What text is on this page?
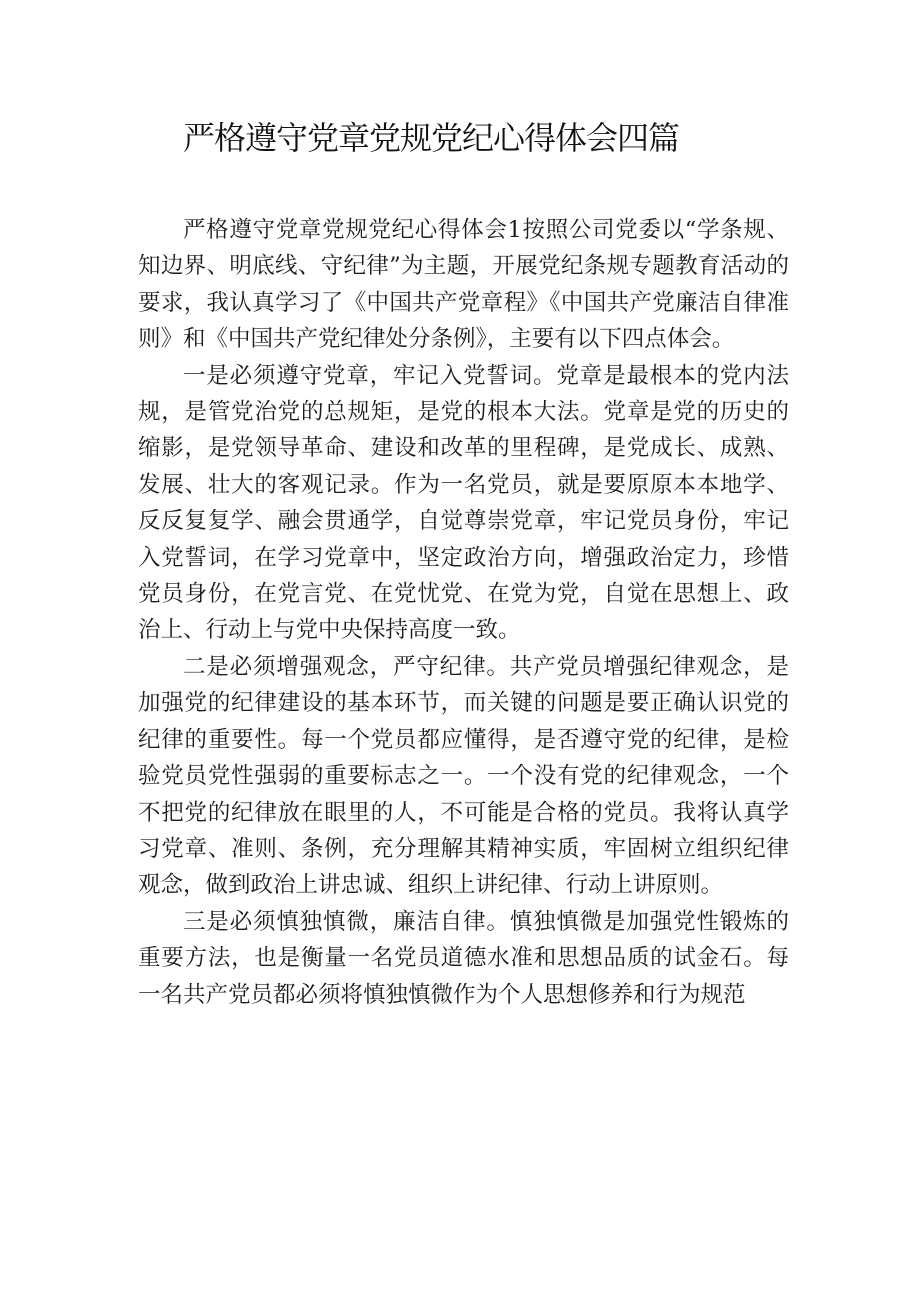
严格遵守党章党规党纪心得体会四篇

严格遵守党章党规党纪心得体会1按照公司党委以“学条规、知边界、明底线、守纪律”为主题，开展党纪条规专题教育活动的要求，我认真学习了《中国共产党章程》《中国共产党廉洁自律准则》和《中国共产党纪律处分条例》，主要有以下四点体会。

一是必须遵守党章，牢记入党誓词。党章是最根本的党内法规，是管党治党的总规矩，是党的根本大法。党章是党的历史的缩影，是党领导革命、建设和改革的里程碑，是党成长、成熟、发展、壮大的客观记录。作为一名党员，就是要原原本本地学、反反复复学、融会贯通学，自觉尊崇党章，牢记党员身份，牢记入党誓词，在学习党章中，坚定政治方向，增强政治定力，珍惜党员身份，在党言党、在党忧党、在党为党，自觉在思想上、政治上、行动上与党中央保持高度一致。

二是必须增强观念，严守纪律。共产党员增强纪律观念，是加强党的纪律建设的基本环节，而关键的问题是要正确认识党的纪律的重要性。每一个党员都应懂得，是否遵守党的纪律，是检验党员党性强弱的重要标志之一。一个没有党的纪律观念，一个不把党的纪律放在眼里的人，不可能是合格的党员。我将认真学习党章、准则、条例，充分理解其精神实质，牢固树立组织纪律观念，做到政治上讲忠诚、组织上讲纪律、行动上讲原则。

三是必须慎独慎微，廉洁自律。慎独慎微是加强党性锻炼的重要方法，也是衡量一名党员道德水准和思想品质的试金石。每一名共产党员都必须将慎独慎微作为个人思想修养和行为规范
